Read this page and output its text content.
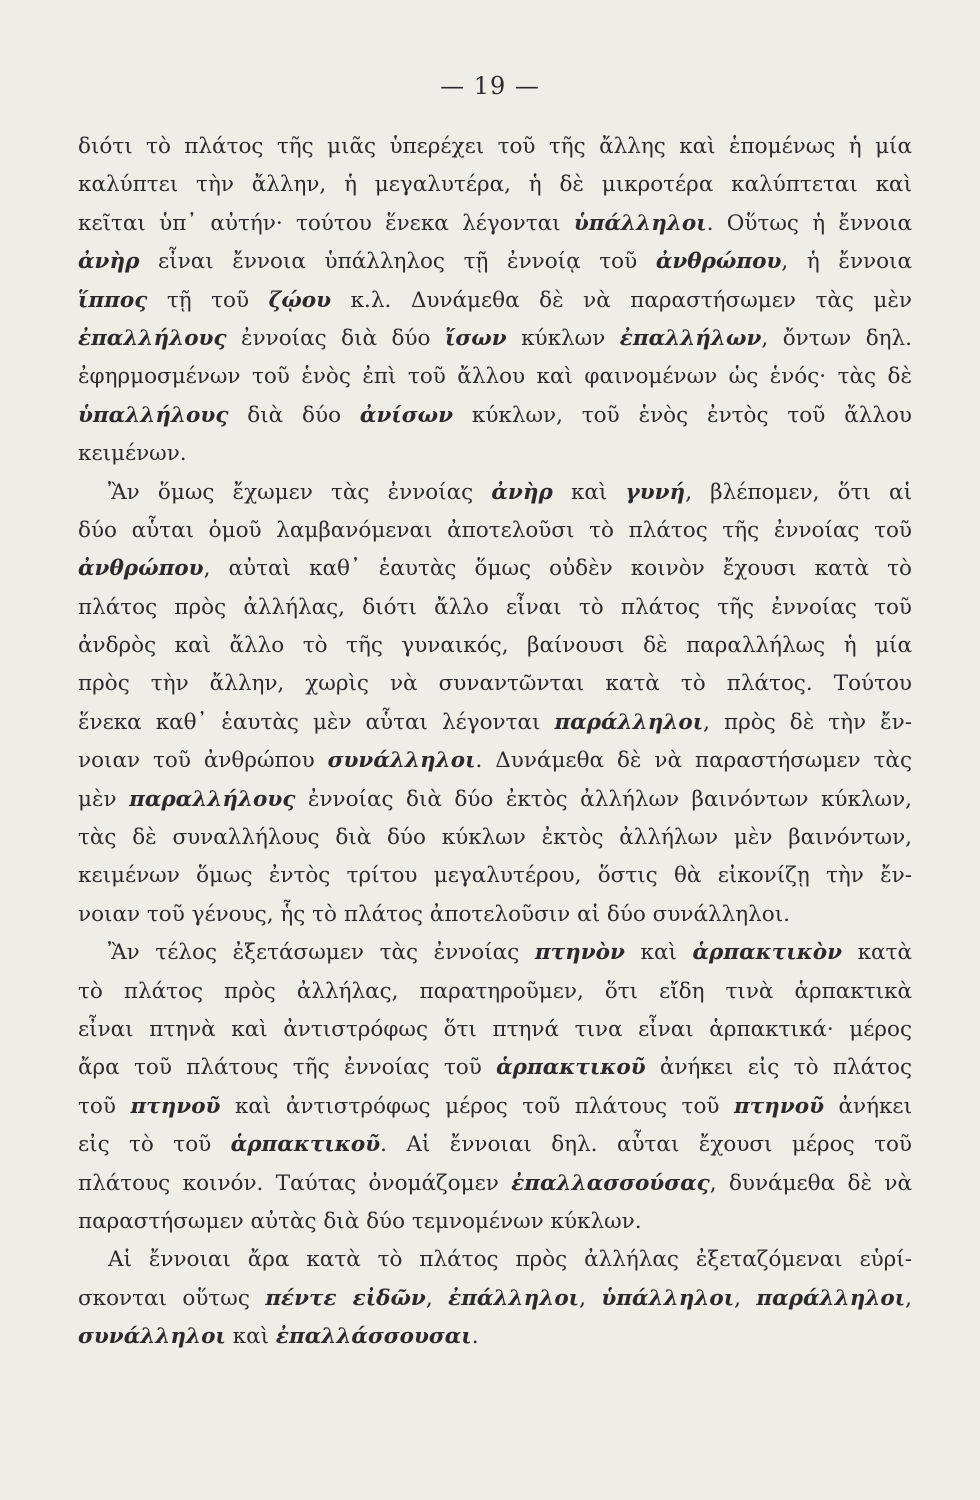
— 19 —
διότι τὸ πλάτος τῆς μιᾶς ὑπερέχει τοῦ τῆς ἄλλης καὶ ἑπομένως ἡ μία
καλύπτει τὴν ἄλλην, ἡ μεγαλυτέρα, ἡ δὲ μικροτέρα καλύπτεται καὶ
κεῖται ὑπ᾽ αὐτήν· τούτου ἕνεκα λέγονται ὑπάλληλοι. Οὕτως ἡ ἔννοια
ἀνὴρ εἶναι ἔννοια ὑπάλληλος τῇ ἐννοίᾳ τοῦ ἀνθρώπου, ἡ ἔννοια
ἵππος τῇ τοῦ ζῴου κ.λ. Δυνάμεθα δὲ νὰ παραστήσωμεν τὰς μὲν
ἐπαλλήλους ἐννοίας διὰ δύο ἴσων κύκλων ἐπαλλήλων, ὄντων δηλ.
ἐφηρμοσμένων τοῦ ἑνὸς ἐπὶ τοῦ ἄλλου καὶ φαινομένων ὡς ἑνός· τὰς δὲ
ὑπαλλήλους διὰ δύο ἀνίσων κύκλων, τοῦ ἑνὸς ἐντὸς τοῦ ἄλλου
κειμένων.
Ἂν ὅμως ἔχωμεν τὰς ἐννοίας ἀνὴρ καὶ γυνή, βλέπομεν, ὅτι αἱ
δύο αὗται ὁμοῦ λαμβανόμεναι ἀποτελοῦσι τὸ πλάτος τῆς ἐννοίας τοῦ
ἀνθρώπου, αὐταὶ καθ᾽ ἑαυτὰς ὅμως οὐδὲν κοινὸν ἔχουσι κατὰ τὸ
πλάτος πρὸς ἀλλήλας, διότι ἄλλο εἶναι τὸ πλάτος τῆς ἐννοίας τοῦ
ἀνδρὸς καὶ ἄλλο τὸ τῆς γυναικός, βαίνουσι δὲ παραλλήλως ἡ μία
πρὸς τὴν ἄλλην, χωρὶς νὰ συναντῶνται κατὰ τὸ πλάτος. Τούτου
ἕνεκα καθ᾽ ἑαυτὰς μὲν αὗται λέγονται παράλληλοι, πρὸς δὲ τὴν ἔν-
νοιαν τοῦ ἀνθρώπου συνάλληλοι. Δυνάμεθα δὲ νὰ παραστήσωμεν τὰς
μὲν παραλλήλους ἐννοίας διὰ δύο ἐκτὸς ἀλλήλων βαινόντων κύκλων,
τὰς δὲ συναλλήλους διὰ δύο κύκλων ἐκτὸς ἀλλήλων μὲν βαινόντων,
κειμένων ὅμως ἐντὸς τρίτου μεγαλυτέρου, ὅστις θὰ εἰκονίζῃ τὴν ἔν-
νοιαν τοῦ γένους, ἧς τὸ πλάτος ἀποτελοῦσιν αἱ δύο συνάλληλοι.
Ἂν τέλος ἐξετάσωμεν τὰς ἐννοίας πτηνὸν καὶ ἁρπακτικὸν κατὰ
τὸ πλάτος πρὸς ἀλλήλας, παρατηροῦμεν, ὅτι εἴδη τινὰ ἁρπακτικὰ
εἶναι πτηνὰ καὶ ἀντιστρόφως ὅτι πτηνά τινα εἶναι ἁρπακτικά· μέρος
ἄρα τοῦ πλάτους τῆς ἐννοίας τοῦ ἁρπακτικοῦ ἀνήκει εἰς τὸ πλάτος
τοῦ πτηνοῦ καὶ ἀντιστρόφως μέρος τοῦ πλάτους τοῦ πτηνοῦ ἀνήκει
εἰς τὸ τοῦ ἁρπακτικοῦ. Αἱ ἔννοιαι δηλ. αὗται ἔχουσι μέρος τοῦ
πλάτους κοινόν. Ταύτας ὀνομάζομεν ἐπαλλασσούσας, δυνάμεθα δὲ νὰ
παραστήσωμεν αὐτὰς διὰ δύο τεμνομένων κύκλων.
Αἱ ἔννοιαι ἄρα κατὰ τὸ πλάτος πρὸς ἀλλήλας ἐξεταζόμεναι εὑρί-
σκονται οὕτως πέντε εἰδῶν, ἐπάλληλοι, ὑπάλληλοι, παράλληλοι,
συνάλληλοι καὶ ἐπαλλάσσουσαι.
